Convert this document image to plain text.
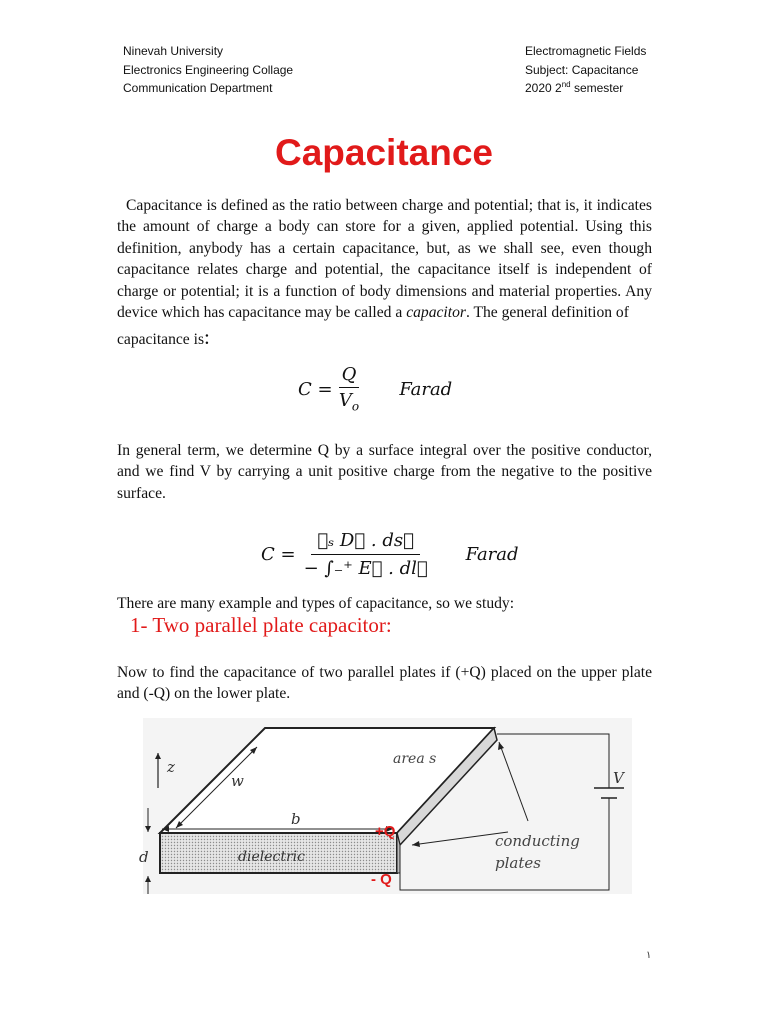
Ninevah University
Electronics Engineering Collage
Communication Department
Electromagnetic Fields
Subject: Capacitance
2020 2nd semester
Capacitance

Capacitance is defined as the ratio between charge and potential; that is, it indicates the amount of charge a body can store for a given, applied potential. Using this definition, anybody has a certain capacitance, but, as we shall see, even though capacitance relates charge and potential, the capacitance itself is independent of charge or potential; it is a function of body dimensions and material properties. Any device which has capacitance may be called a capacitor. The general definition of
capacitance is:

$C = \frac{Q}{V_o}$ Farad

In general term, we determine Q by a surface integral over the positive conductor, and we find V by carrying a unit positive charge from the negative to the positive surface.

$C = \frac{\text{∮ₛ D⃗ . ds⃗}}{- \int_-^+ E⃗ . dl⃗}$ Farad

There are many example and types of capacitance, so we study:

1- Two parallel plate capacitor:

Now to find the capacitance of two parallel plates if (+Q) placed on the upper plate and (-Q) on the lower plate.

z
w
b
d
area s
dielectric
conducting
plates
V
+Q
- Q
١
